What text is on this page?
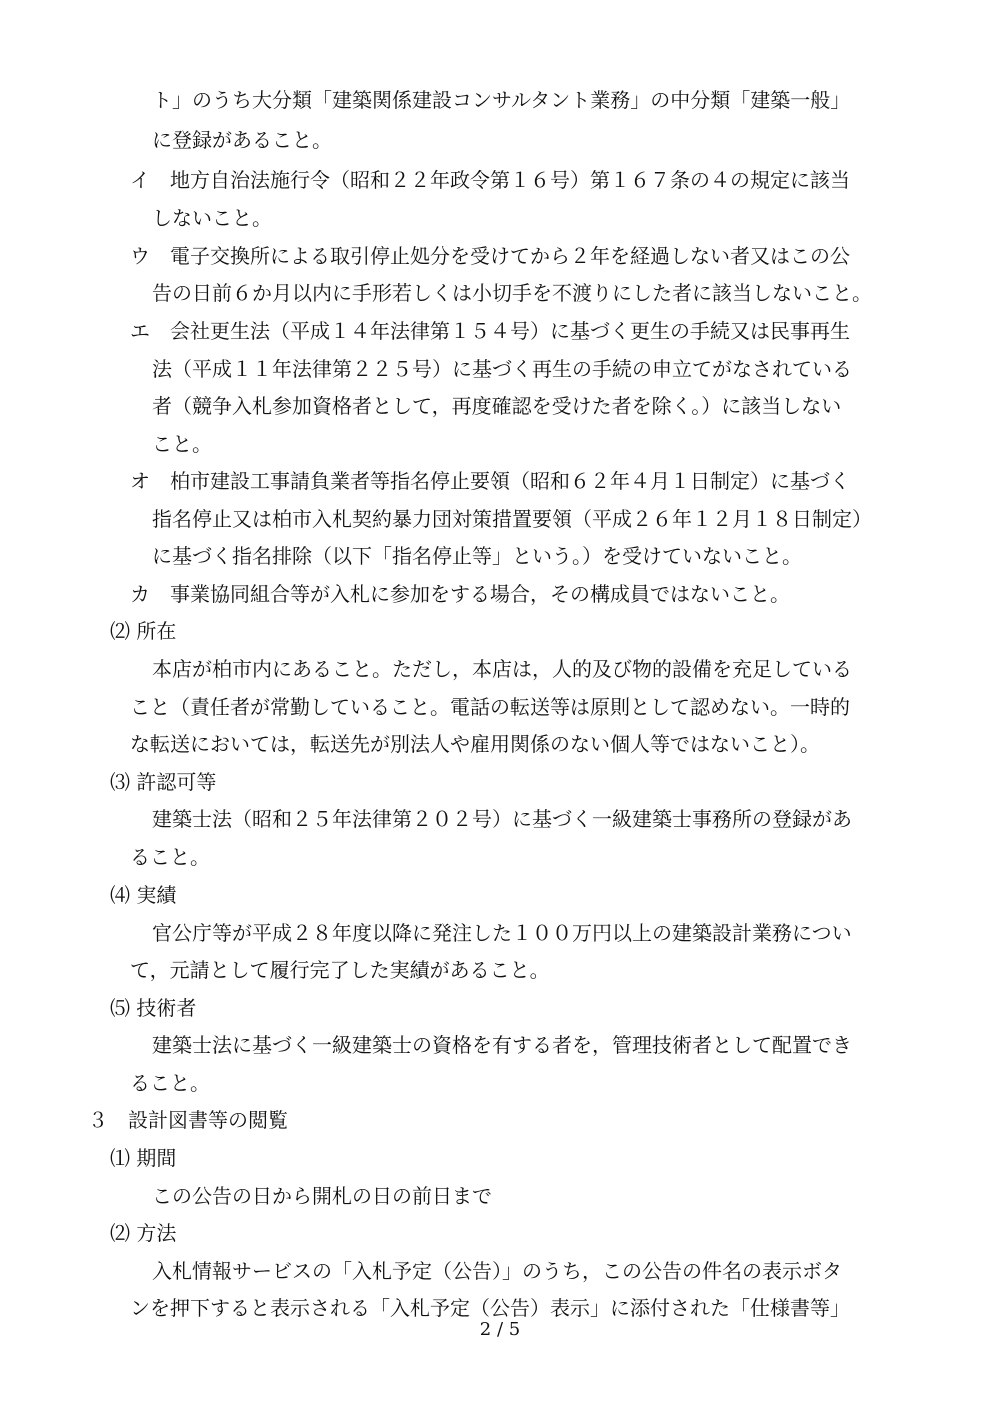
ト」のうち大分類「建築関係建設コンサルタント業務」の中分類「建築一般」
に登録があること。
イ　地方自治法施行令（昭和２２年政令第１６号）第１６７条の４の規定に該当
しないこと。
ウ　電子交換所による取引停止処分を受けてから２年を経過しない者又はこの公
告の日前６か月以内に手形若しくは小切手を不渡りにした者に該当しないこと。
エ　会社更生法（平成１４年法律第１５４号）に基づく更生の手続又は民事再生
法（平成１１年法律第２２５号）に基づく再生の手続の申立てがなされている
者（競争入札参加資格者として，再度確認を受けた者を除く。）に該当しない
こと。
オ　柏市建設工事請負業者等指名停止要領（昭和６２年４月１日制定）に基づく
指名停止又は柏市入札契約暴力団対策措置要領（平成２６年１２月１８日制定）
に基づく指名排除（以下「指名停止等」という。）を受けていないこと。
カ　事業協同組合等が入札に参加をする場合，その構成員ではないこと。
⑵ 所在
本店が柏市内にあること。ただし，本店は，人的及び物的設備を充足している
こと（責任者が常勤していること。電話の転送等は原則として認めない。一時的
な転送においては，転送先が別法人や雇用関係のない個人等ではないこと）。
⑶ 許認可等
建築士法（昭和２５年法律第２０２号）に基づく一級建築士事務所の登録があ
ること。
⑷ 実績
官公庁等が平成２８年度以降に発注した１００万円以上の建築設計業務につい
て，元請として履行完了した実績があること。
⑸ 技術者
建築士法に基づく一級建築士の資格を有する者を，管理技術者として配置でき
ること。
３　設計図書等の閲覧
⑴ 期間
この公告の日から開札の日の前日まで
⑵ 方法
入札情報サービスの「入札予定（公告）」のうち，この公告の件名の表示ボタ
ンを押下すると表示される「入札予定（公告）表示」に添付された「仕様書等」
2 / 5
